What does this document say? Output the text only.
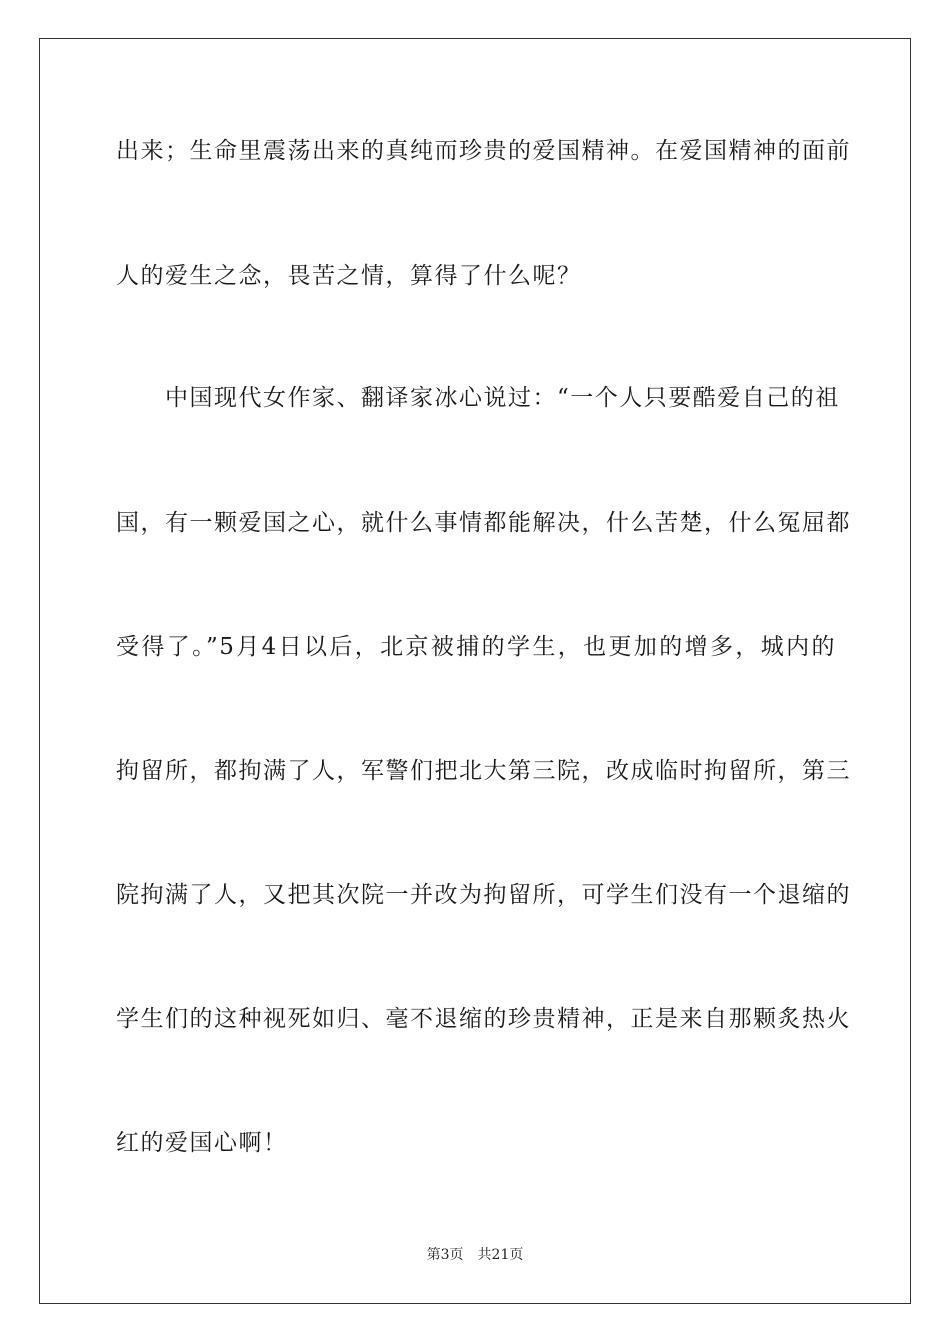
出来；生命里震荡出来的真纯而珍贵的爱国精神。在爱国精神的面前
人的爱生之念，畏苦之情，算得了什么呢？
　　中国现代女作家、翻译家冰心说过：“一个人只要酷爱自己的祖
国，有一颗爱国之心，就什么事情都能解决，什么苦楚，什么冤屈都
受得了。”5月4日以后，北京被捕的学生，也更加的增多，城内的
拘留所，都拘满了人，军警们把北大第三院，改成临时拘留所，第三
院拘满了人，又把其次院一并改为拘留所，可学生们没有一个退缩的
学生们的这种视死如归、毫不退缩的珍贵精神，正是来自那颗炙热火
红的爱国心啊！
第3页 共21页
